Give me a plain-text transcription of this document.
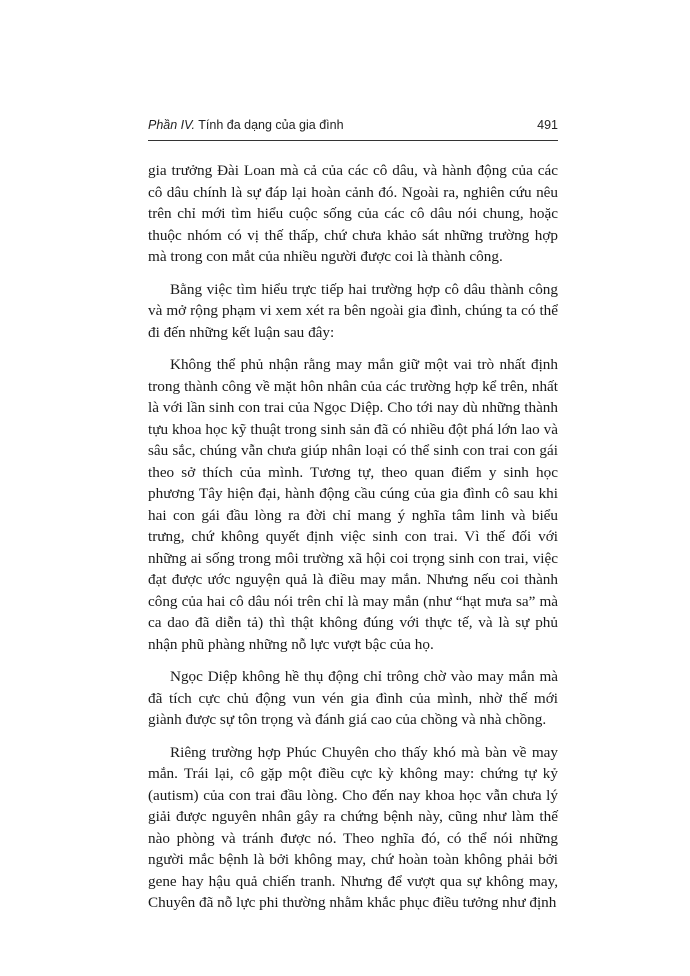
Phần IV. Tính đa dạng của gia đình	491

gia trưởng Đài Loan mà cả của các cô dâu, và hành động của các cô dâu chính là sự đáp lại hoàn cảnh đó. Ngoài ra, nghiên cứu nêu trên chỉ mới tìm hiểu cuộc sống của các cô dâu nói chung, hoặc thuộc nhóm có vị thế thấp, chứ chưa khảo sát những trường hợp mà trong con mắt của nhiều người được coi là thành công.

Bằng việc tìm hiểu trực tiếp hai trường hợp cô dâu thành công và mở rộng phạm vi xem xét ra bên ngoài gia đình, chúng ta có thể đi đến những kết luận sau đây:

Không thể phủ nhận rằng may mắn giữ một vai trò nhất định trong thành công về mặt hôn nhân của các trường hợp kể trên, nhất là với lần sinh con trai của Ngọc Diệp. Cho tới nay dù những thành tựu khoa học kỹ thuật trong sinh sản đã có nhiều đột phá lớn lao và sâu sắc, chúng vẫn chưa giúp nhân loại có thể sinh con trai con gái theo sở thích của mình. Tương tự, theo quan điểm y sinh học phương Tây hiện đại, hành động cầu cúng của gia đình cô sau khi hai con gái đầu lòng ra đời chỉ mang ý nghĩa tâm linh và biểu trưng, chứ không quyết định việc sinh con trai. Vì thế đối với những ai sống trong môi trường xã hội coi trọng sinh con trai, việc đạt được ước nguyện quả là điều may mắn. Nhưng nếu coi thành công của hai cô dâu nói trên chỉ là may mắn (như “hạt mưa sa” mà ca dao đã diễn tả) thì thật không đúng với thực tế, và là sự phủ nhận phũ phàng những nỗ lực vượt bậc của họ.

Ngọc Diệp không hề thụ động chỉ trông chờ vào may mắn mà đã tích cực chủ động vun vén gia đình của mình, nhờ thế mới giành được sự tôn trọng và đánh giá cao của chồng và nhà chồng.

Riêng trường hợp Phúc Chuyên cho thấy khó mà bàn về may mắn. Trái lại, cô gặp một điều cực kỳ không may: chứng tự kỷ (autism) của con trai đầu lòng. Cho đến nay khoa học vẫn chưa lý giải được nguyên nhân gây ra chứng bệnh này, cũng như làm thế nào phòng và tránh được nó. Theo nghĩa đó, có thể nói những người mắc bệnh là bởi không may, chứ hoàn toàn không phải bởi gene hay hậu quả chiến tranh. Nhưng để vượt qua sự không may, Chuyên đã nỗ lực phi thường nhằm khắc phục điều tưởng như định
